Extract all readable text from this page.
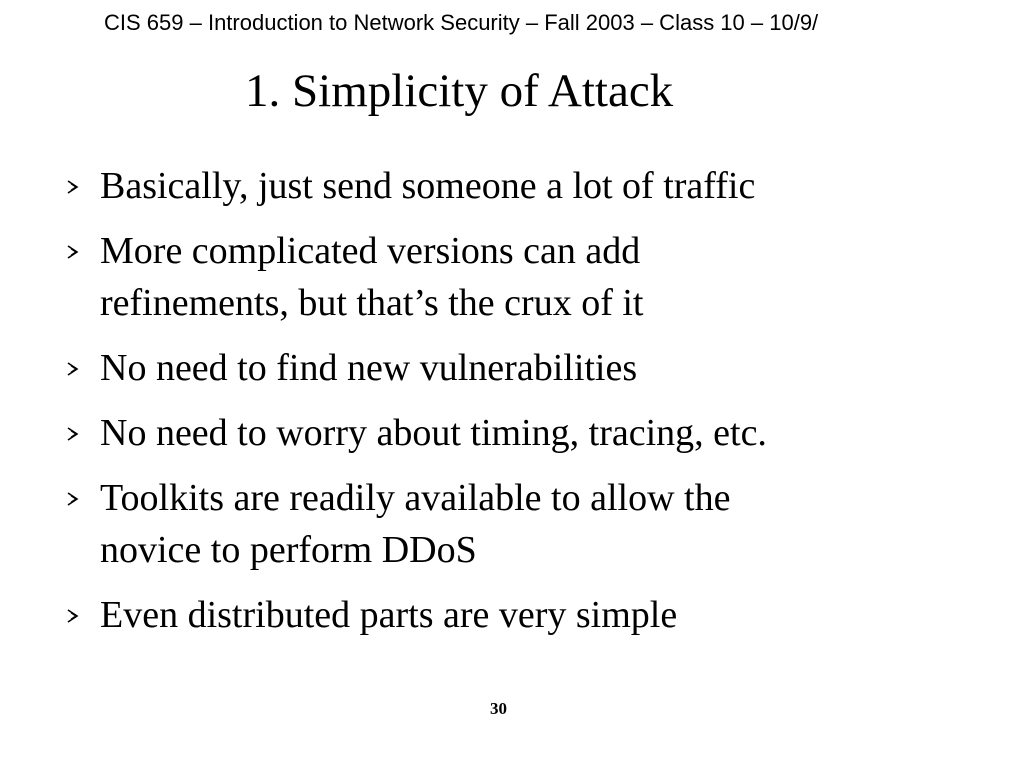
CIS 659 – Introduction to Network Security – Fall 2003 – Class 10 – 10/9/
1. Simplicity of Attack
Basically, just send someone a lot of traffic
More complicated versions can add
refinements, but that’s the crux of it
No need to find new vulnerabilities
No need to worry about timing, tracing, etc.
Toolkits are readily available to allow the
novice to perform DDoS
Even distributed parts are very simple
30
